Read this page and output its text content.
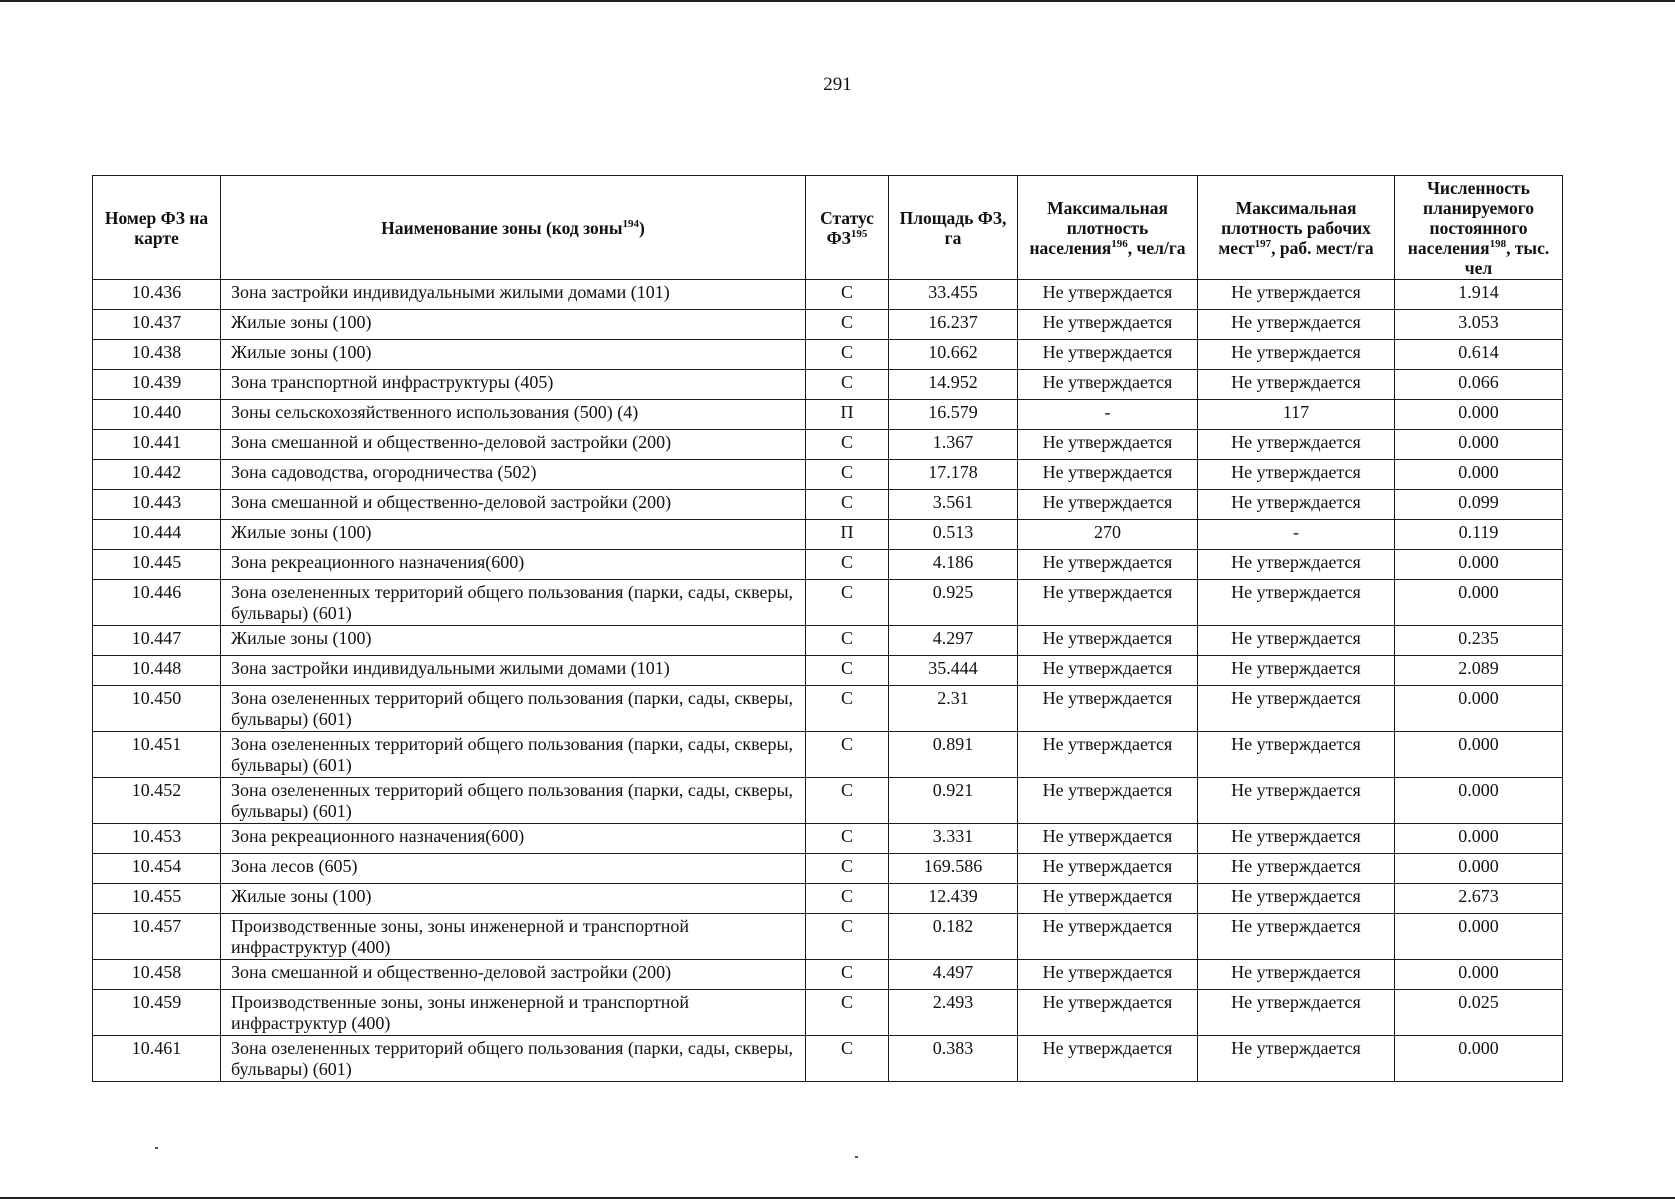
291
Номер ФЗ на карте	Наименование зоны (код зоны$^{194}$)	Статус ФЗ$^{195}$	Площадь ФЗ, га	Максимальная плотность населения$^{196}$, чел/га	Максимальная плотность рабочих мест$^{197}$, раб. мест/га	Численность планируемого постоянного населения$^{198}$, тыс. чел
10.436	Зона застройки индивидуальными жилыми домами (101)	С	33.455	Не утверждается	Не утверждается	1.914
10.437	Жилые зоны (100)	С	16.237	Не утверждается	Не утверждается	3.053
10.438	Жилые зоны (100)	С	10.662	Не утверждается	Не утверждается	0.614
10.439	Зона транспортной инфраструктуры (405)	С	14.952	Не утверждается	Не утверждается	0.066
10.440	Зоны сельскохозяйственного использования (500) (4)	П	16.579	-	117	0.000
10.441	Зона смешанной и общественно-деловой застройки (200)	С	1.367	Не утверждается	Не утверждается	0.000
10.442	Зона садоводства, огородничества (502)	С	17.178	Не утверждается	Не утверждается	0.000
10.443	Зона смешанной и общественно-деловой застройки (200)	С	3.561	Не утверждается	Не утверждается	0.099
10.444	Жилые зоны (100)	П	0.513	270	-	0.119
10.445	Зона рекреационного назначения(600)	С	4.186	Не утверждается	Не утверждается	0.000
10.446	Зона озелененных территорий общего пользования (парки, сады, скверы, бульвары) (601)	С	0.925	Не утверждается	Не утверждается	0.000
10.447	Жилые зоны (100)	С	4.297	Не утверждается	Не утверждается	0.235
10.448	Зона застройки индивидуальными жилыми домами (101)	С	35.444	Не утверждается	Не утверждается	2.089
10.450	Зона озелененных территорий общего пользования (парки, сады, скверы, бульвары) (601)	С	2.31	Не утверждается	Не утверждается	0.000
10.451	Зона озелененных территорий общего пользования (парки, сады, скверы, бульвары) (601)	С	0.891	Не утверждается	Не утверждается	0.000
10.452	Зона озелененных территорий общего пользования (парки, сады, скверы, бульвары) (601)	С	0.921	Не утверждается	Не утверждается	0.000
10.453	Зона рекреационного назначения(600)	С	3.331	Не утверждается	Не утверждается	0.000
10.454	Зона лесов (605)	С	169.586	Не утверждается	Не утверждается	0.000
10.455	Жилые зоны (100)	С	12.439	Не утверждается	Не утверждается	2.673
10.457	Производственные зоны, зоны инженерной и транспортной инфраструктур (400)	С	0.182	Не утверждается	Не утверждается	0.000
10.458	Зона смешанной и общественно-деловой застройки (200)	С	4.497	Не утверждается	Не утверждается	0.000
10.459	Производственные зоны, зоны инженерной и транспортной инфраструктур (400)	С	2.493	Не утверждается	Не утверждается	0.025
10.461	Зона озелененных территорий общего пользования (парки, сады, скверы, бульвары) (601)	С	0.383	Не утверждается	Не утверждается	0.000
